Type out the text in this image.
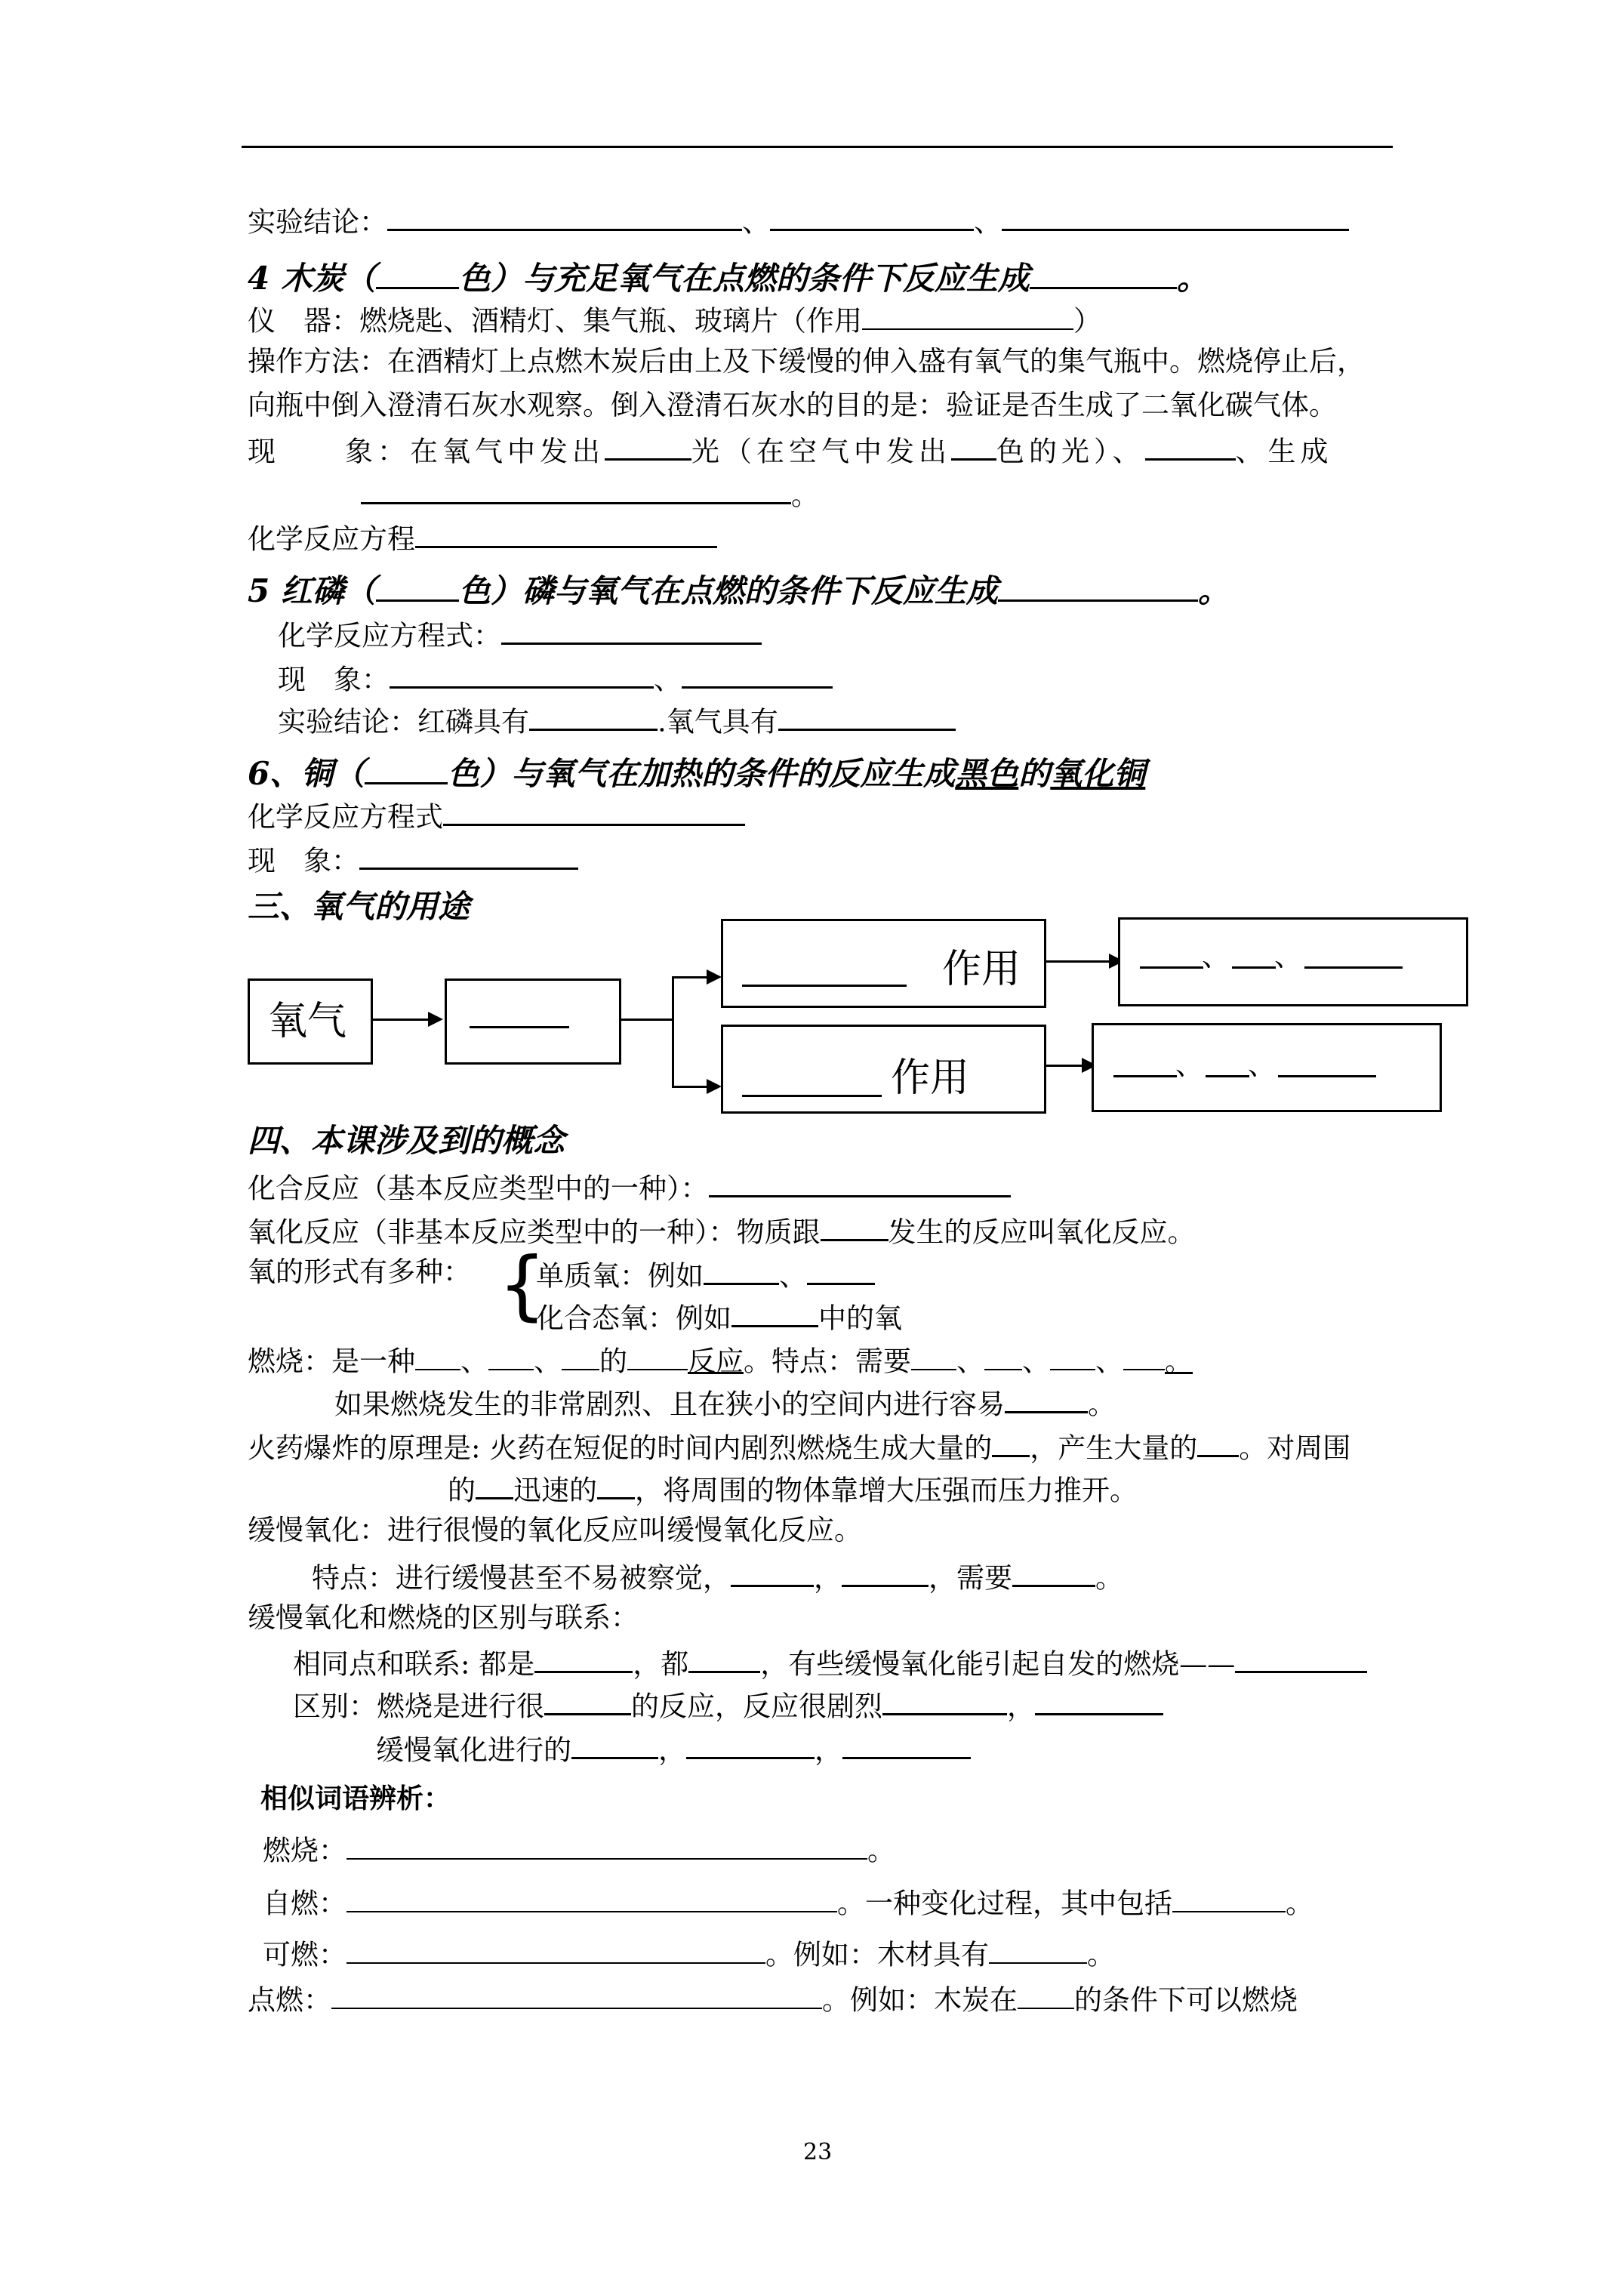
实验结论：	、	、
4 木炭（	色）与充足氧气在点燃的条件下反应生成	。
仪　器：燃烧匙、酒精灯、集气瓶、玻璃片（作用	）
操作方法：在酒精灯上点燃木炭后由上及下缓慢的伸入盛有氧气的集气瓶中。燃烧停止后，
向瓶中倒入澄清石灰水观察。倒入澄清石灰水的目的是：验证是否生成了二氧化碳气体。
现　　象：在氧气中发出	光（在空气中发出 色的光）、	、生成
。
化学反应方程
5 红磷（	色）磷与氧气在点燃的条件下反应生成	。
化学反应方程式：
现　象：	、
实验结论：红磷具有	.氧气具有
6、铜（	色）与氧气在加热的条件的反应生成黑色的氧化铜
化学反应方程式
现　象：
三、氧气的用途
氧气
作用
作用
、 、
、 、
四、本课涉及到的概念
化合反应（基本反应类型中的一种）：
氧化反应（非基本反应类型中的一种）：物质跟 发生的反应叫氧化反应。
氧的形式有多种： {
单质氧：例如	、
化合态氧：例如	中的氧
燃烧：是一种 、 、 的 反应。特点：需要 、 、 、 。
如果燃烧发生的非常剧烈、且在狭小的空间内进行容易	。
火药爆炸的原理是: 火药在短促的时间内剧烈燃烧生成大量的 ，产生大量的 。对周围
的 迅速的 ，将周围的物体靠增大压强而压力推开。
缓慢氧化：进行很慢的氧化反应叫缓慢氧化反应。
特点：进行缓慢甚至不易被察觉，	，	，需要	。
缓慢氧化和燃烧的区别与联系：
相同点和联系: 都是	，都	，有些缓慢氧化能引起自发的燃烧——
区别：燃烧是进行很	的反应，反应很剧烈	，
缓慢氧化进行的	，	，
相似词语辨析：
燃烧：	。
自燃：	。一种变化过程，其中包括	。
可燃：	。例如：木材具有	。
点燃：	。例如：木炭在 的条件下可以燃烧
23
